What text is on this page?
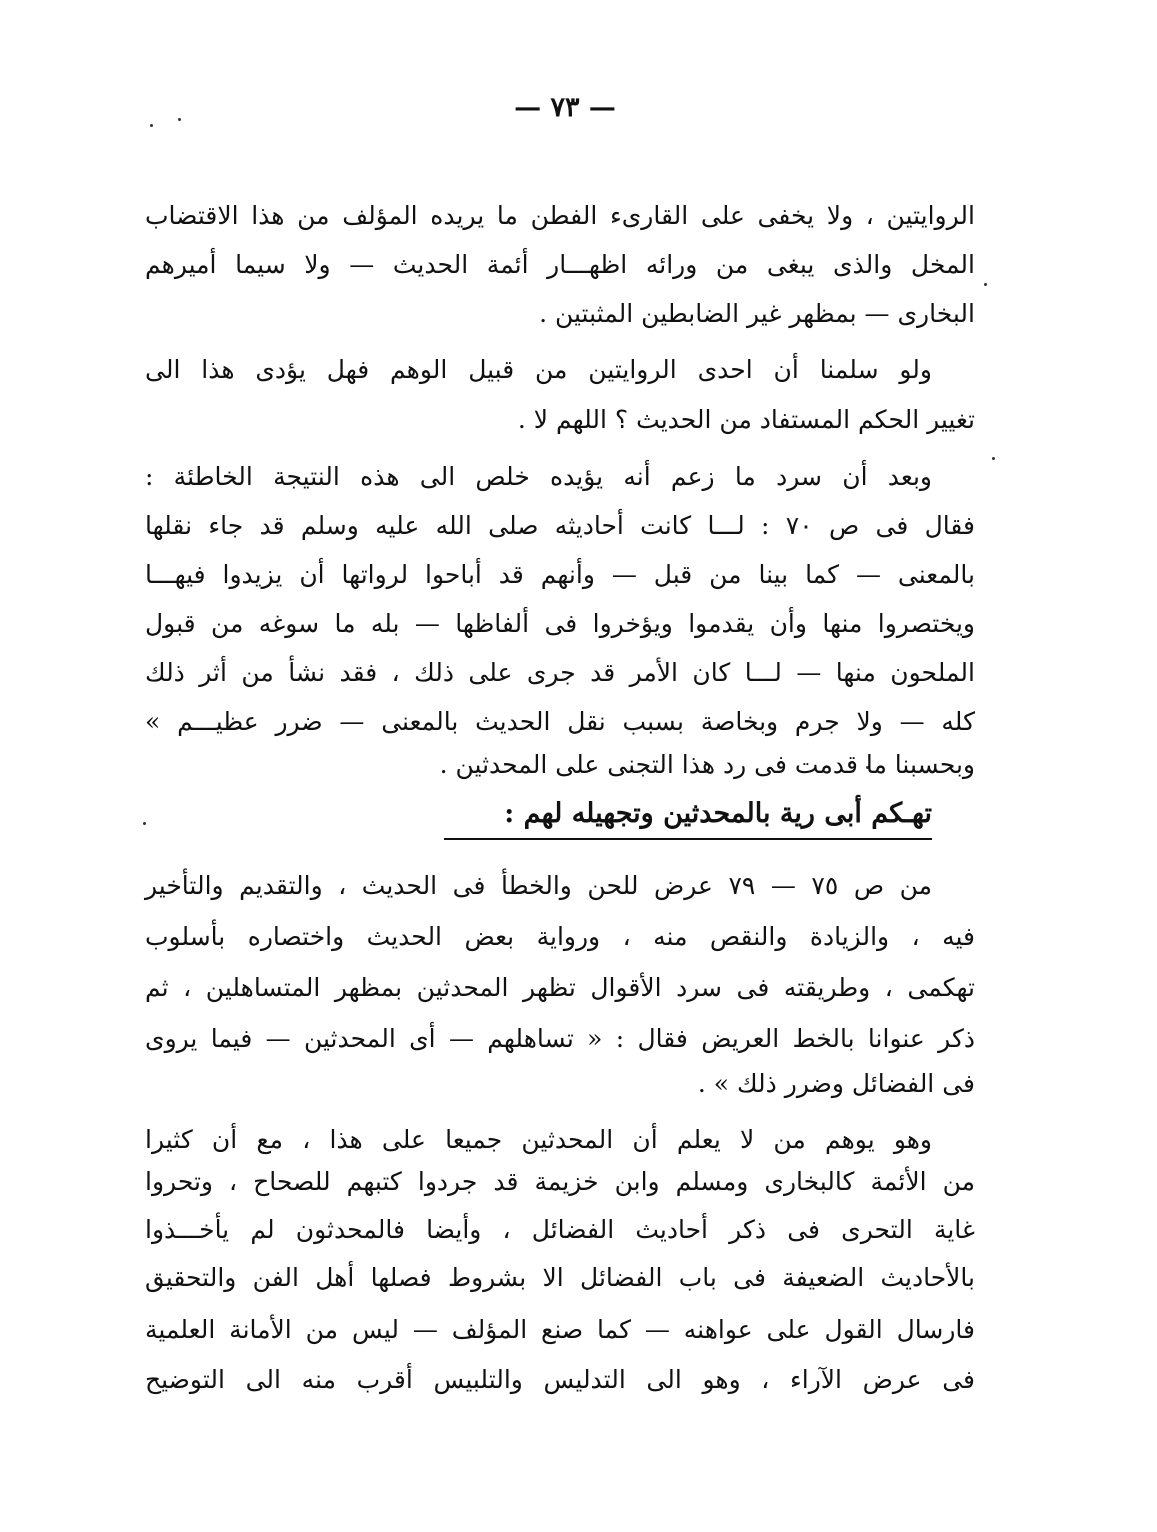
— ٧٣ —
الروايتين ، ولا يخفى على القارىء الفطن ما يريده المؤلف من هذا الاقتضاب
المخل والذى يبغى من ورائه اظهـــار أئمة الحديث — ولا سيما أميرهم
البخارى — بمظهر غير الضابطين المثبتين .
ولو سلمنا أن احدى الروايتين من قبيل الوهم فهل يؤدى هذا الى
تغيير الحكم المستفاد من الحديث ؟ اللهم لا .
وبعد أن سرد ما زعم أنه يؤيده خلص الى هذه النتيجة الخاطئة :
فقال فى ص ٧٠ : لـــا كانت أحاديثه صلى الله عليه وسلم قد جاء نقلها
بالمعنى — كما بينا من قبل — وأنهم قد أباحوا لرواتها أن يزيدوا فيهـــا
ويختصروا منها وأن يقدموا ويؤخروا فى ألفاظها — بله ما سوغه من قبول
الملحون منها — لـــا كان الأمر قد جرى على ذلك ، فقد نشأ من أثر ذلك
كله — ولا جرم وبخاصة بسبب نقل الحديث بالمعنى — ضرر عظيـــم »
وبحسبنا ما قدمت فى رد هذا التجنى على المحدثين .
تهـكم أبى رية بالمحدثين وتجهيله لهم :
من ص ٧٥ — ٧٩ عرض للحن والخطأ فى الحديث ، والتقديم والتأخير
فيه ، والزيادة والنقص منه ، ورواية بعض الحديث واختصاره بأسلوب
تهكمى ، وطريقته فى سرد الأقوال تظهر المحدثين بمظهر المتساهلين ، ثم
ذكر عنوانا بالخط العريض فقال : « تساهلهم — أى المحدثين — فيما يروى
فى الفضائل وضرر ذلك » .
وهو يوهم من لا يعلم أن المحدثين جميعا على هذا ، مع أن كثيرا
من الأئمة كالبخارى ومسلم وابن خزيمة قد جردوا كتبهم للصحاح ، وتحروا
غاية التحرى فى ذكر أحاديث الفضائل ، وأيضا فالمحدثون لم يأخـــذوا
بالأحاديث الضعيفة فى باب الفضائل الا بشروط فصلها أهل الفن والتحقيق
فارسال القول على عواهنه — كما صنع المؤلف — ليس من الأمانة العلمية
فى عرض الآراء ، وهو الى التدليس والتلبيس أقرب منه الى التوضيح
